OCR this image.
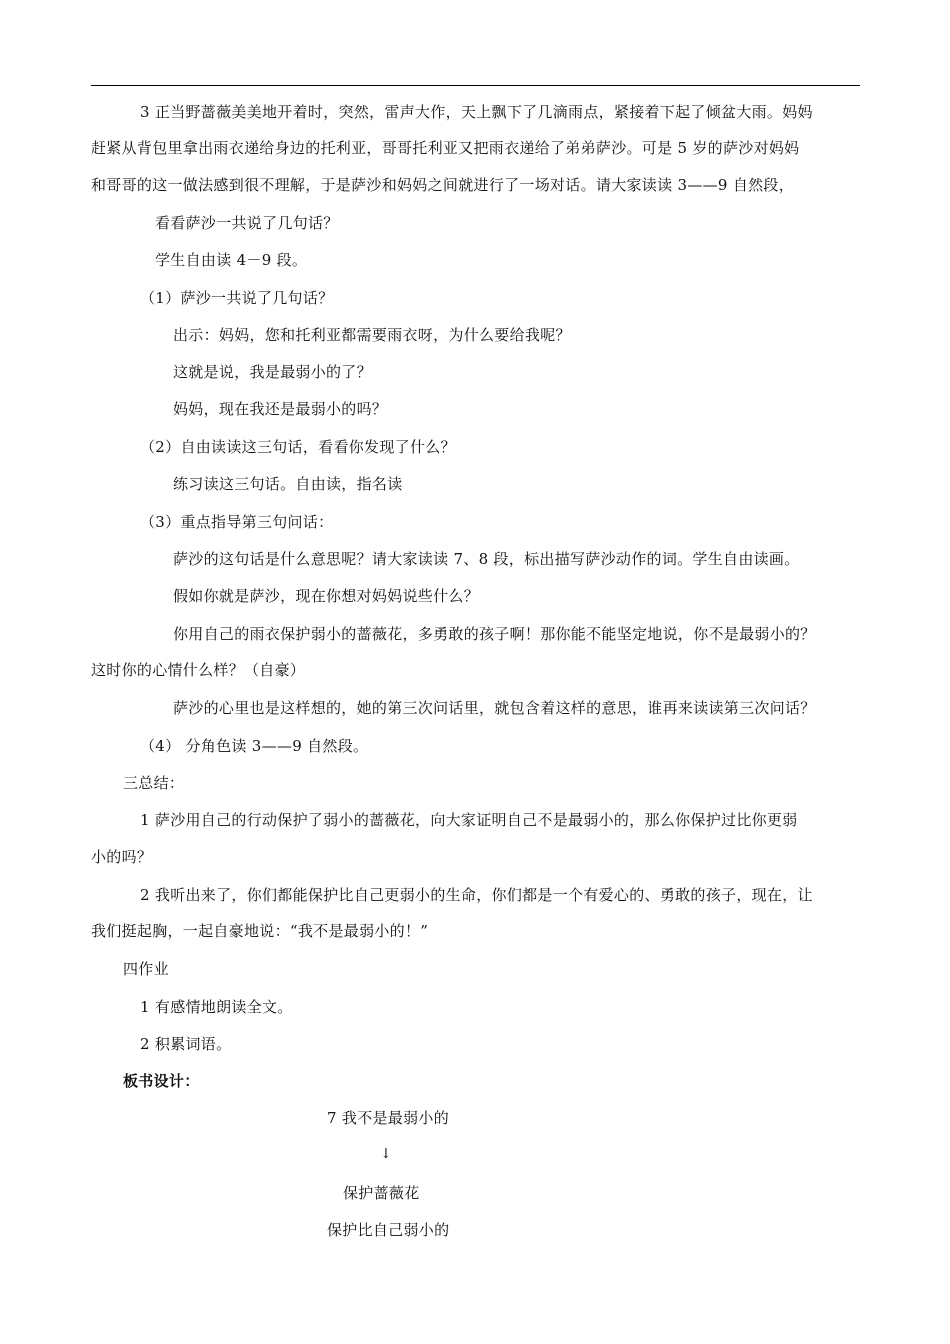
3 正当野蔷薇美美地开着时，突然，雷声大作，天上飘下了几滴雨点，紧接着下起了倾盆大雨。妈妈
赶紧从背包里拿出雨衣递给身边的托利亚，哥哥托利亚又把雨衣递给了弟弟萨沙。可是 5 岁的萨沙对妈妈
和哥哥的这一做法感到很不理解，于是萨沙和妈妈之间就进行了一场对话。请大家读读 3——9 自然段，
看看萨沙一共说了几句话？
学生自由读 4－9 段。
（1）萨沙一共说了几句话？
出示：妈妈，您和托利亚都需要雨衣呀，为什么要给我呢？
这就是说，我是最弱小的了？
妈妈，现在我还是最弱小的吗？
（2）自由读读这三句话，看看你发现了什么？
练习读这三句话。自由读，指名读
（3）重点指导第三句问话：
萨沙的这句话是什么意思呢？请大家读读 7、8 段，标出描写萨沙动作的词。学生自由读画。
假如你就是萨沙，现在你想对妈妈说些什么？
你用自己的雨衣保护弱小的蔷薇花，多勇敢的孩子啊！那你能不能坚定地说，你不是最弱小的？
这时你的心情什么样？（自豪）
萨沙的心里也是这样想的，她的第三次问话里，就包含着这样的意思，谁再来读读第三次问话？
（4） 分角色读 3——9 自然段。
三总结：
1 萨沙用自己的行动保护了弱小的蔷薇花，向大家证明自己不是最弱小的，那么你保护过比你更弱
小的吗？
2 我听出来了，你们都能保护比自己更弱小的生命，你们都是一个有爱心的、勇敢的孩子，现在，让
我们挺起胸，一起自豪地说：“我不是最弱小的！”
四作业
1 有感情地朗读全文。
2 积累词语。
板书设计：
7 我不是最弱小的
↓
保护蔷薇花
保护比自己弱小的
